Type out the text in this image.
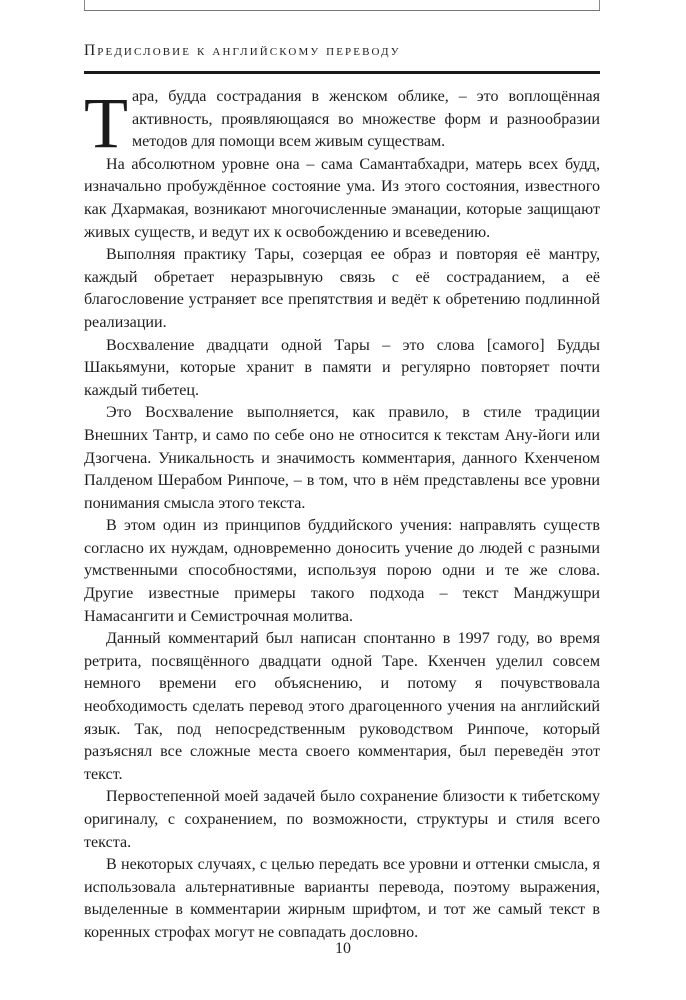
Предисловие к английскому переводу

Тара, будда сострадания в женском облике, – это воплощённая активность, проявляющаяся во множестве форм и разнообразии методов для помощи всем живым существам.

На абсолютном уровне она – сама Самантабхадри, матерь всех будд, изначально пробуждённое состояние ума. Из этого состояния, известного как Дхармакая, возникают многочисленные эманации, которые защищают живых существ, и ведут их к освобождению и всеведению.

Выполняя практику Тары, созерцая ее образ и повторяя её мантру, каждый обретает неразрывную связь с её состраданием, а её благословение устраняет все препятствия и ведёт к обретению подлинной реализации.

Восхваление двадцати одной Тары – это слова [самого] Будды Шакьямуни, которые хранит в памяти и регулярно повторяет почти каждый тибетец.

Это Восхваление выполняется, как правило, в стиле традиции Внешних Тантр, и само по себе оно не относится к текстам Ану-йоги или Дзогчена. Уникальность и значимость комментария, данного Кхенченом Палденом Шерабом Ринпоче, – в том, что в нём представлены все уровни понимания смысла этого текста.

В этом один из принципов буддийского учения: направлять существ согласно их нуждам, одновременно доносить учение до людей с разными умственными способностями, используя порою одни и те же слова. Другие известные примеры такого подхода – текст Манджушри Намасангити и Семистрочная молитва.

Данный комментарий был написан спонтанно в 1997 году, во время ретрита, посвящённого двадцати одной Таре. Кхенчен уделил совсем немного времени его объяснению, и потому я почувствовала необходимость сделать перевод этого драгоценного учения на английский язык. Так, под непосредственным руководством Ринпоче, который разъяснял все сложные места своего комментария, был переведён этот текст.

Первостепенной моей задачей было сохранение близости к тибетскому оригиналу, с сохранением, по возможности, структуры и стиля всего текста.

В некоторых случаях, с целью передать все уровни и оттенки смысла, я использовала альтернативные варианты перевода, поэтому выражения, выделенные в комментарии жирным шрифтом, и тот же самый текст в коренных строфах могут не совпадать дословно.

10
